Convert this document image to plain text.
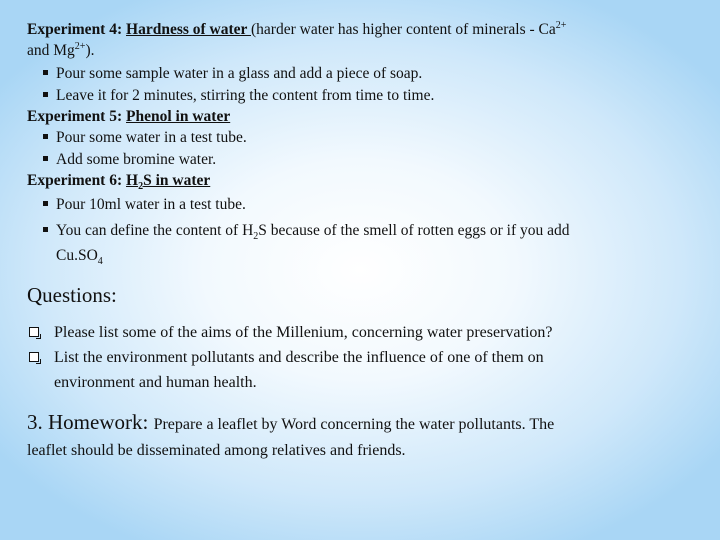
Experiment 4: Hardness of water (harder water has higher content of minerals - $Ca^{2+}$
and $Mg^{2+}$).
Pour some sample water in a glass and add a piece of soap.
Leave it for 2 minutes, stirring the content from time to time.
Experiment 5: Phenol in water
Pour some water in a test tube.
Add some bromine water.
Experiment 6: $H_2S$ in water
Pour 10ml water in a test tube.
You can define the content of $H_2S$ because of the smell of rotten eggs or if you add
$Cu.SO_4$
Questions:
Please list some of the aims of the Millenium, concerning water preservation?
List the environment pollutants and describe the influence of one of them on
environment and human health.
3. Homework: Prepare a leaflet by Word concerning the water pollutants. The
leaflet should be disseminated among relatives and friends.
